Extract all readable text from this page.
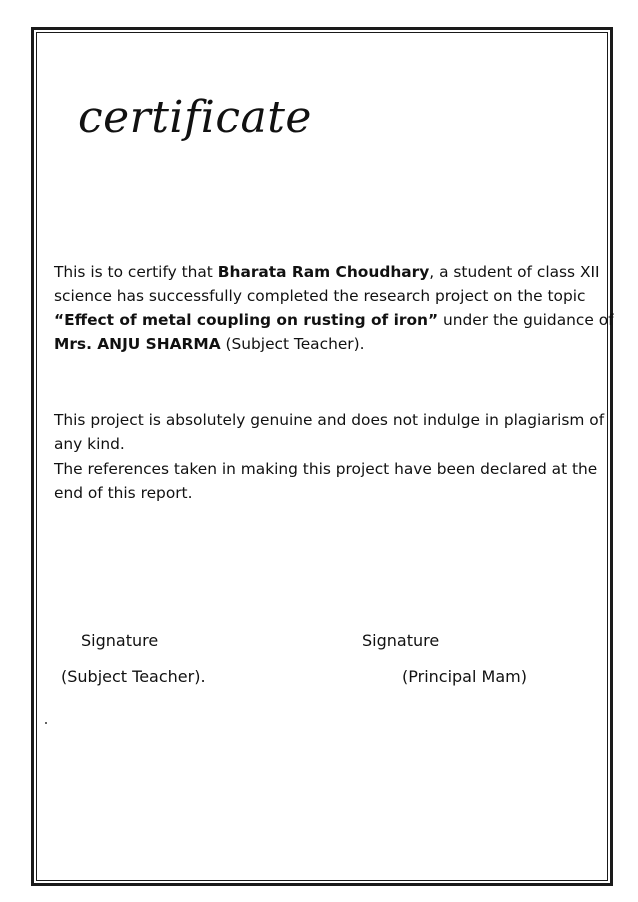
certificate
This is to certify that Bharata Ram Choudhary, a student of class XII science has successfully completed the research project on the topic “Effect of metal coupling on rusting of iron” under the guidance of Mrs. ANJU SHARMA (Subject Teacher).
This project is absolutely genuine and does not indulge in plagiarism of any kind.
The references taken in making this project have been declared at the end of this report.
Signature
(Subject Teacher).
Signature
(Principal Mam)
